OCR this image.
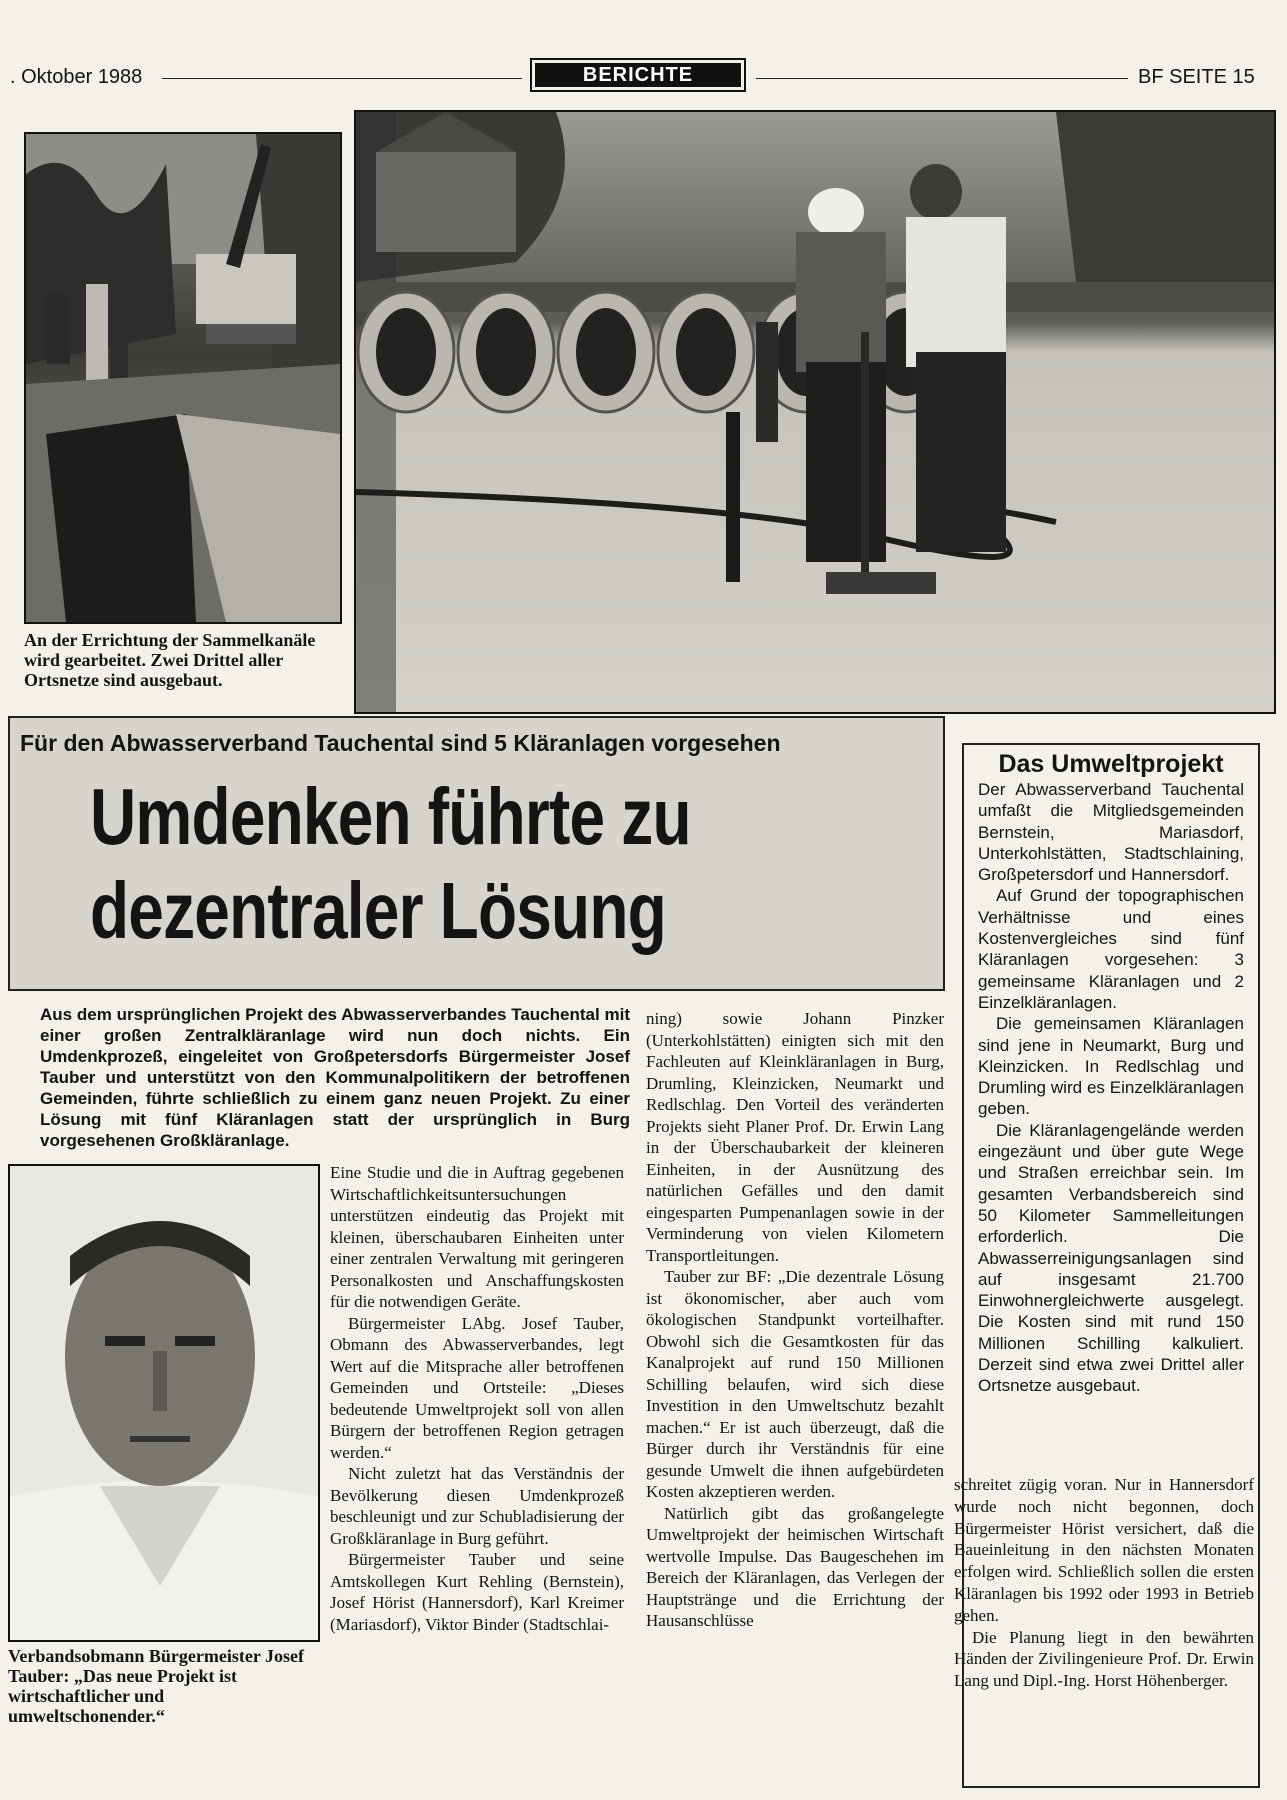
. Oktober 1988	BERICHTE	BF SEITE 15
An der Errichtung der Sammelkanäle wird gearbeitet. Zwei Drittel aller Ortsnetze sind ausgebaut.
Für den Abwasserverband Tauchental sind 5 Kläranlagen vorgesehen
Umdenken führte zu
dezentraler Lösung
Das Umweltprojekt

Der Abwasserverband Tauchental umfaßt die Mitgliedsgemeinden Bernstein, Mariasdorf, Unterkohlstätten, Stadtschlaining, Großpetersdorf und Hannersdorf.

Auf Grund der topographischen Verhältnisse und eines Kostenvergleiches sind fünf Kläranlagen vorgesehen: 3 gemeinsame Kläranlagen und 2 Einzelkläranlagen.

Die gemeinsamen Kläranlagen sind jene in Neumarkt, Burg und Kleinzicken. In Redlschlag und Drumling wird es Einzelkläranlagen geben.

Die Kläranlagengelände werden eingezäunt und über gute Wege und Straßen erreichbar sein. Im gesamten Verbandsbereich sind 50 Kilometer Sammelleitungen erforderlich. Die Abwasserreinigungsanlagen sind auf insgesamt 21.700 Einwohnergleichwerte ausgelegt. Die Kosten sind mit rund 150 Millionen Schilling kalkuliert. Derzeit sind etwa zwei Drittel aller Ortsnetze ausgebaut.

Aus dem ursprünglichen Projekt des Abwasserverbandes Tauchental mit einer großen Zentralkläranlage wird nun doch nichts. Ein Umdenkprozeß, eingeleitet von Großpetersdorfs Bürgermeister Josef Tauber und unterstützt von den Kommunalpolitikern der betroffenen Gemeinden, führte schließlich zu einem ganz neuen Projekt. Zu einer Lösung mit fünf Kläranlagen statt der ursprünglich in Burg vorgesehenen Großkläranlage.
Verbandsobmann Bürgermeister Josef Tauber: „Das neue Projekt ist wirtschaftlicher und umweltschonender.“

Eine Studie und die in Auftrag gegebenen Wirtschaftlichkeitsuntersuchungen unterstützen eindeutig das Projekt mit kleinen, überschaubaren Einheiten unter einer zentralen Verwaltung mit geringeren Personalkosten und Anschaffungskosten für die notwendigen Geräte.

Bürgermeister LAbg. Josef Tauber, Obmann des Abwasserverbandes, legt Wert auf die Mitsprache aller betroffenen Gemeinden und Ortsteile: „Dieses bedeutende Umweltprojekt soll von allen Bürgern der betroffenen Region getragen werden.“

Nicht zuletzt hat das Verständnis der Bevölkerung diesen Umdenkprozeß beschleunigt und zur Schubladisierung der Großkläranlage in Burg geführt.

Bürgermeister Tauber und seine Amtskollegen Kurt Rehling (Bernstein), Josef Hörist (Hannersdorf), Karl Kreimer (Mariasdorf), Viktor Binder (Stadtschlai-

ning) sowie Johann Pinzker (Unterkohlstätten) einigten sich mit den Fachleuten auf Kleinkläranlagen in Burg, Drumling, Kleinzicken, Neumarkt und Redlschlag. Den Vorteil des veränderten Projekts sieht Planer Prof. Dr. Erwin Lang in der Überschaubarkeit der kleineren Einheiten, in der Ausnützung des natürlichen Gefälles und den damit eingesparten Pumpenanlagen sowie in der Verminderung von vielen Kilometern Transportleitungen.

Tauber zur BF: „Die dezentrale Lösung ist ökonomischer, aber auch vom ökologischen Standpunkt vorteilhafter. Obwohl sich die Gesamtkosten für das Kanalprojekt auf rund 150 Millionen Schilling belaufen, wird sich diese Investition in den Umweltschutz bezahlt machen.“ Er ist auch überzeugt, daß die Bürger durch ihr Verständnis für eine gesunde Umwelt die ihnen aufgebürdeten Kosten akzeptieren werden.

Natürlich gibt das großangelegte Umweltprojekt der heimischen Wirtschaft wertvolle Impulse. Das Baugeschehen im Bereich der Kläranlagen, das Verlegen der Hauptstränge und die Errichtung der Hausanschlüsse

schreitet zügig voran. Nur in Hannersdorf wurde noch nicht begonnen, doch Bürgermeister Hörist versichert, daß die Baueinleitung in den nächsten Monaten erfolgen wird. Schließlich sollen die ersten Kläranlagen bis 1992 oder 1993 in Betrieb gehen.

Die Planung liegt in den bewährten Händen der Zivilingenieure Prof. Dr. Erwin Lang und Dipl.-Ing. Horst Höhenberger.
